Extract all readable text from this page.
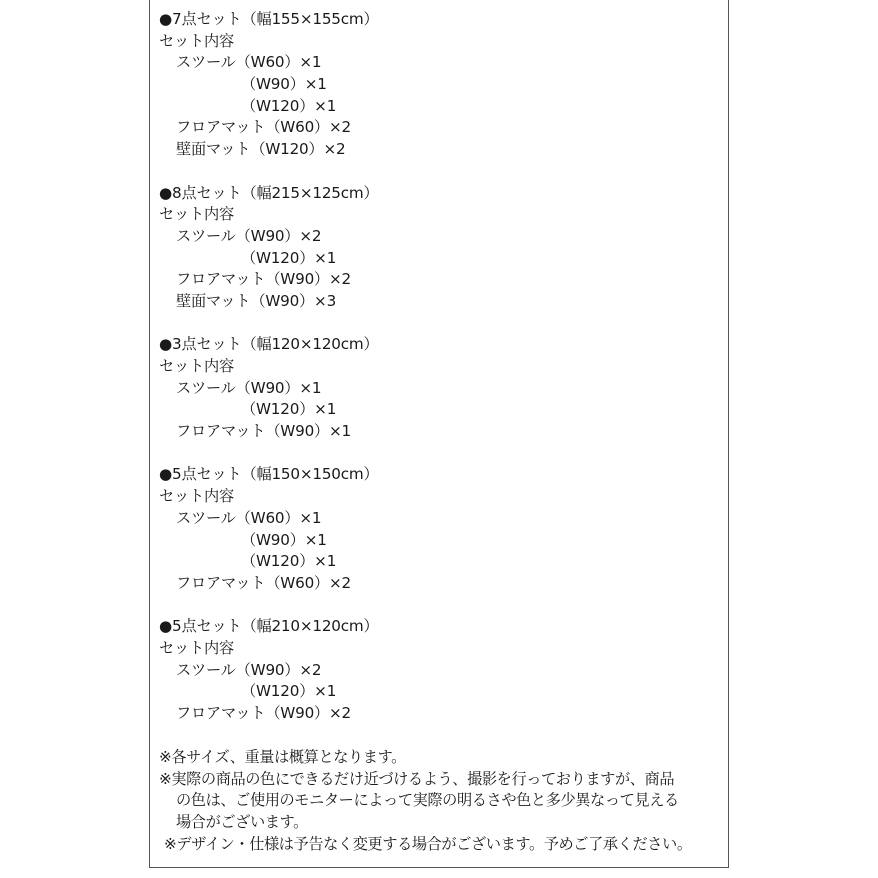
●7点セット（幅155×155cm）
セット内容
スツール（W60）×1
（W90）×1
（W120）×1
フロアマット（W60）×2
壁面マット（W120）×2
●8点セット（幅215×125cm）
セット内容
スツール（W90）×2
（W120）×1
フロアマット（W90）×2
壁面マット（W90）×3
●3点セット（幅120×120cm）
セット内容
スツール（W90）×1
（W120）×1
フロアマット（W90）×1
●5点セット（幅150×150cm）
セット内容
スツール（W60）×1
（W90）×1
（W120）×1
フロアマット（W60）×2
●5点セット（幅210×120cm）
セット内容
スツール（W90）×2
（W120）×1
フロアマット（W90）×2
※各サイズ、重量は概算となります。
※実際の商品の色にできるだけ近づけるよう、撮影を行っておりますが、商品
の色は、ご使用のモニターによって実際の明るさや色と多少異なって見える
場合がございます。
※デザイン・仕様は予告なく変更する場合がございます。予めご了承ください。
